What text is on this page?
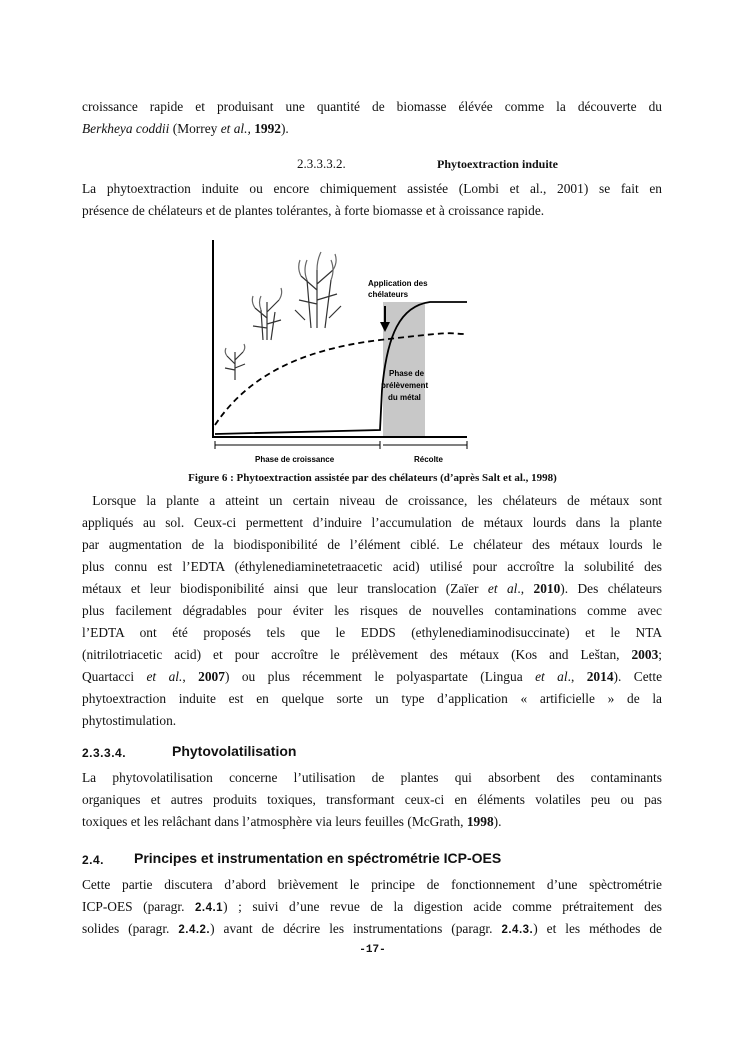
croissance rapide et produisant une quantité de biomasse élévée comme la découverte du
Berkheya coddii (Morrey et al., 1992).
2.3.3.3.2.	Phytoextraction induite
La phytoextraction induite ou encore chimiquement assistée (Lombi et al., 2001) se fait en
présence de chélateurs et de plantes tolérantes, à forte biomasse et à croissance rapide.
Application des
chélateurs
Phase de
prélèvement
du métal
Phase de croissance	Récolte
Figure 6 : Phytoextraction assistée par des chélateurs (d’après Salt et al., 1998)
Lorsque la plante a atteint un certain niveau de croissance, les chélateurs de métaux sont
appliqués au sol. Ceux-ci permettent d’induire l’accumulation de métaux lourds dans la plante
par augmentation de la biodisponibilité de l’élément ciblé. Le chélateur des métaux lourds le
plus connu est l’EDTA (éthylenediaminetetraacetic acid) utilisé pour accroître la solubilité des
métaux et leur biodisponibilité ainsi que leur translocation (Zaïer et al., 2010). Des chélateurs
plus facilement dégradables pour éviter les risques de nouvelles contaminations comme avec
l’EDTA ont été proposés tels que le EDDS (ethylenediaminodisuccinate) et le NTA
(nitrilotriacetic acid) et pour accroître le prélèvement des métaux (Kos and Leštan, 2003;
Quartacci et al., 2007) ou plus récemment le polyaspartate (Lingua et al., 2014). Cette
phytoextraction induite est en quelque sorte un type d’application « artificielle » de la
phytostimulation.
2.3.3.4.	Phytovolatilisation
La phytovolatilisation concerne l’utilisation de plantes qui absorbent des contaminants
organiques et autres produits toxiques, transformant ceux-ci en éléments volatiles peu ou pas
toxiques et les relâchant dans l’atmosphère via leurs feuilles (McGrath, 1998).
2.4. Principes et instrumentation en spéctrométrie ICP-OES
Cette partie discutera d’abord brièvement le principe de fonctionnement d’une spèctrométrie
ICP-OES (paragr. 2.4.1) ; suivi d’une revue de la digestion acide comme prétraitement des
solides (paragr. 2.4.2.) avant de décrire les instrumentations (paragr. 2.4.3.) et les méthodes de
-17-
